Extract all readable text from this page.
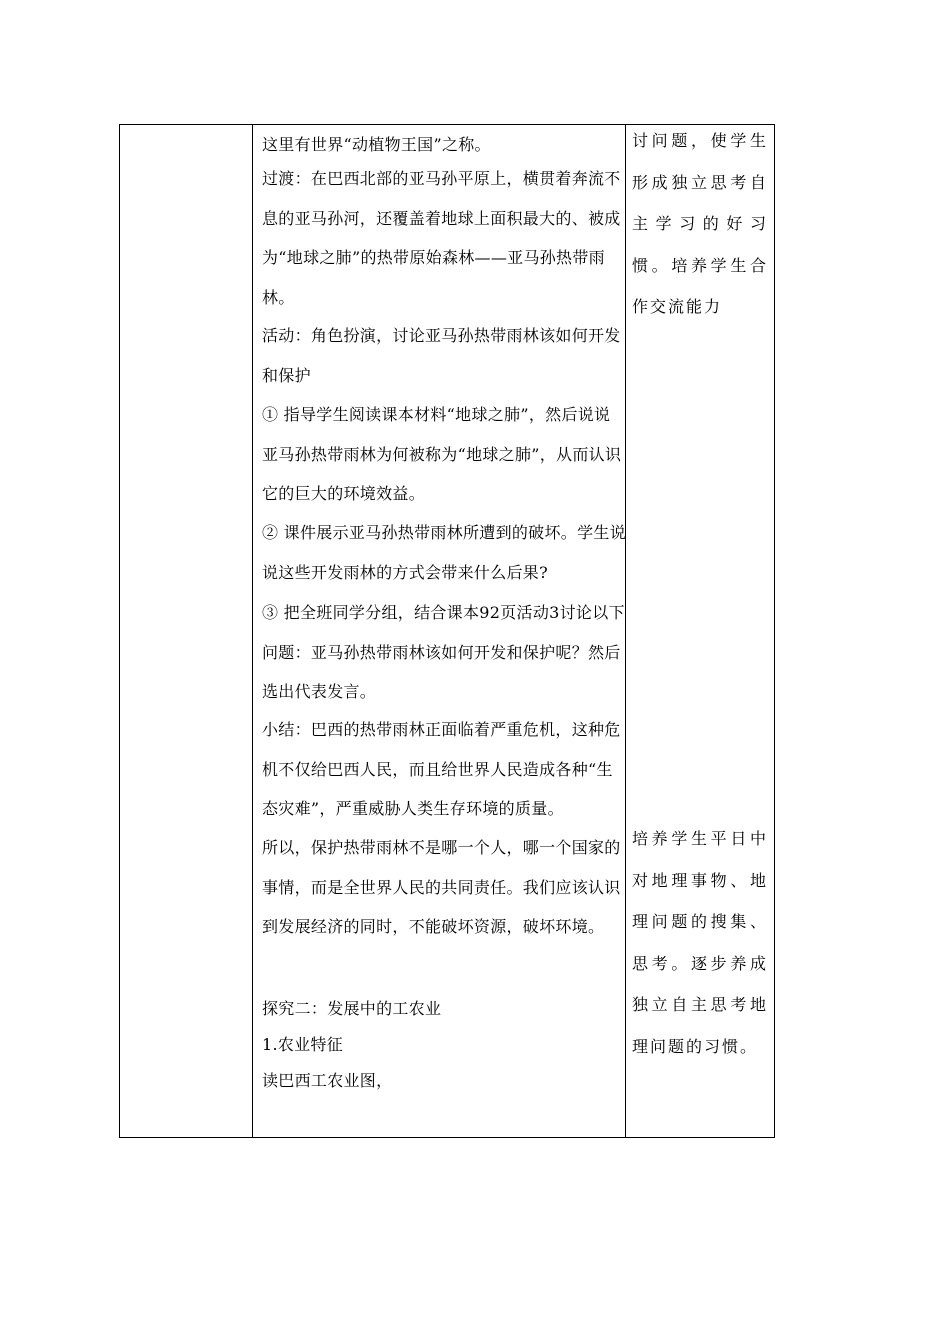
这里有世界“动植物王国”之称。

过渡：在巴西北部的亚马孙平原上，横贯着奔流不息的亚马孙河，还覆盖着地球上面积最大的、被成为“地球之肺”的热带原始森林——亚马孙热带雨林。

活动：角色扮演，讨论亚马孙热带雨林该如何开发和保护

① 指导学生阅读课本材料“地球之肺”，然后说说亚马孙热带雨林为何被称为“地球之肺”，从而认识它的巨大的环境效益。

② 课件展示亚马孙热带雨林所遭到的破坏。学生说说这些开发雨林的方式会带来什么后果?

③ 把全班同学分组，结合课本92页活动3讨论以下问题：亚马孙热带雨林该如何开发和保护呢？然后选出代表发言。

小结：巴西的热带雨林正面临着严重危机，这种危机不仅给巴西人民，而且给世界人民造成各种“生态灾难”，严重威胁人类生存环境的质量。

所以，保护热带雨林不是哪一个人，哪一个国家的事情，而是全世界人民的共同责任。我们应该认识到发展经济的同时，不能破坏资源，破坏环境。

探究二：发展中的工农业

1.农业特征

读巴西工农业图，

讨问题，使学生形成独立思考自主学习的好习惯。培养学生合作交流能力

培养学生平日中对地理事物、地理问题的搜集、思考。逐步养成独立自主思考地理问题的习惯。
